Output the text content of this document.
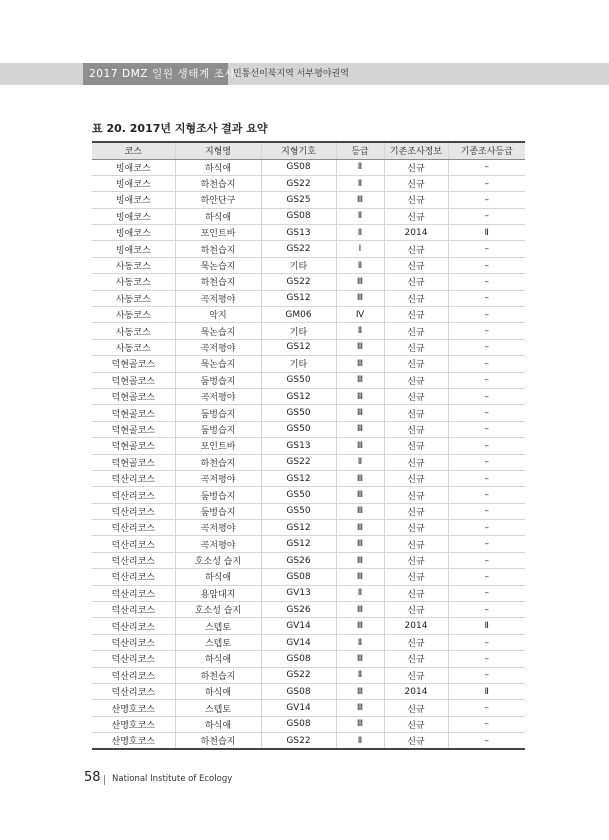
2017 DMZ 일원 생태계 조사
민통선이북지역 서부평야권역
표 20. 2017년 지형조사 결과 요약
코스	지형명	지형기호	등급	기존조사정보	기종조사등급
빙애코스	하식애	GS08	Ⅱ	신규	–
빙애코스	하천습지	GS22	Ⅱ	신규	–
빙애코스	하안단구	GS25	Ⅲ	신규	–
빙애코스	하식애	GS08	Ⅱ	신규	–
빙애코스	포인트바	GS13	Ⅱ	2014	Ⅱ
빙애코스	하천습지	GS22	Ⅰ	신규	–
사동코스	묵논습지	기타	Ⅱ	신규	–
사동코스	하천습지	GS22	Ⅲ	신규	–
사동코스	곡저평야	GS12	Ⅲ	신규	–
사동코스	악지	GM06	Ⅳ	신규	–
사동코스	묵논습지	기타	Ⅱ	신규	–
사동코스	곡저평야	GS12	Ⅲ	신규	–
덕현골코스	묵논습지	기타	Ⅲ	신규	–
덕현골코스	둠벙습지	GS50	Ⅲ	신규	–
덕현골코스	곡저평야	GS12	Ⅲ	신규	–
덕현골코스	둠벙습지	GS50	Ⅲ	신규	–
덕현골코스	둠벙습지	GS50	Ⅲ	신규	–
덕현골코스	포인트바	GS13	Ⅲ	신규	–
덕현골코스	하천습지	GS22	Ⅱ	신규	–
덕산리코스	곡저평야	GS12	Ⅲ	신규	–
덕산리코스	둠벙습지	GS50	Ⅲ	신규	–
덕산리코스	둠벙습지	GS50	Ⅲ	신규	–
덕산리코스	곡저평야	GS12	Ⅲ	신규	–
덕산리코스	곡저평야	GS12	Ⅲ	신규	–
덕산리코스	호소성 습지	GS26	Ⅲ	신규	–
덕산리코스	하식애	GS08	Ⅲ	신규	–
덕산리코스	용암대지	GV13	Ⅱ	신규	–
덕산리코스	호소성 습지	GS26	Ⅲ	신규	–
덕산리코스	스텝토	GV14	Ⅲ	2014	Ⅱ
덕산리코스	스텝토	GV14	Ⅱ	신규	–
덕산리코스	하식애	GS08	Ⅲ	신규	–
덕산리코스	하천습지	GS22	Ⅱ	신규	–
덕산리코스	하식애	GS08	Ⅲ	2014	Ⅱ
산명호코스	스텝토	GV14	Ⅲ	신규	–
산명호코스	하식애	GS08	Ⅲ	신규	–
산명호코스	하천습지	GS22	Ⅱ	신규	–
58 National Institute of Ecology
